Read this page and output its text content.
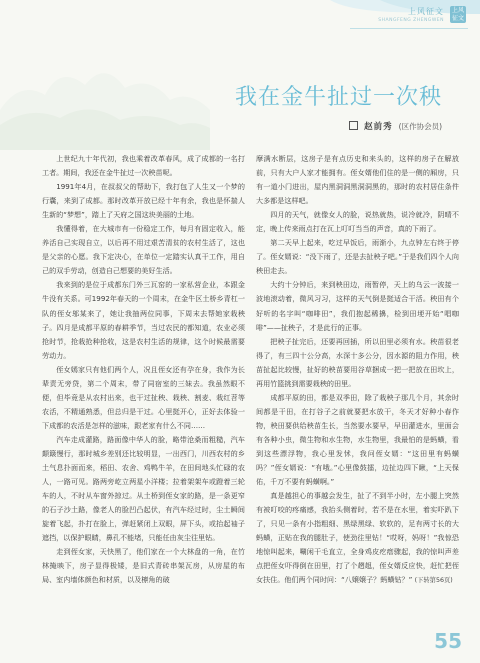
上风征文
SHANGFENG ZHENGWEN
上风征文
我在金牛扯过一次秧
赵前秀 (区作协会员)

上世纪九十年代初，我也乘着改革春风，成了成都的一名打工者。期间，我还在金牛扯过一次秧苗呢。

1991年4月，在叔叔父的帮助下，我打包了人生又一个梦的行囊，来到了成都。那时改革开放已经十年有余，我也是怀揣人生新的“梦想”，踏上了天府之国这块美丽的土地。

我懂得着，在大城市有一份稳定工作，每月有固定收入，能养活自己实现自立，以后再不用过艰苦清贫的农村生活了，这也是父亲的心愿。我下定决心，在单位一定踏实认真干工作，用自己的双手劳动，创造自己想要的美好生活。

我来到的是位于成都东门外三瓦窑的一家私营企业，本跟金牛没有关系。可1992年春天的一个周末，在金牛区土桥乡青杠一队的侄女邬某来了，她让我抽两位同事，下周末去帮她家栽秧子。四月是成都平原的春耕季节，当过农民的都知道，农业必须抢时节，抢栽抢种抢收，这是农村生活的规律，这个时候最需要劳动力。

侄女嫣家只有他们两个人，况且侄女还有孕在身，我作为长辈责无旁贷，第二个周末，带了同宿室的三妹去。我虽然眼不便，但毕竟是从农村出来，也干过扯秧、栽秧、割麦、栽红苕等农活，不精通熟悉，但总归是干过。心里挺开心，正好去体验一下成都的农活是怎样的滋味，跟老家有什么不同……

汽车走成灌路，路面像中华人的脸，略带沧桑而粗糙，汽车颠簸慢行，那时城乡差别还比较明显，一出西门，川西农村的乡土气息扑面而来，稻田、农舍、鸡鸭牛羊，在田间地头忙碌的农人，一路可见。路两旁屹立两星小洋楼；拉着架架车或蹬着三轮车的人，不时从车窗外掠过。从土桥到侄女家的路，是一条更窄的石子沙土路，像老人的脸凹凸起伏，有汽车经过时，尘土瞬间旋着飞起，扑打在脸上，弹赶紧闭上双眼，屏下头，或抬起袖子遮挡，以保护眼睛，鼻孔不能堵，只能任由灰尘往里钻。

走到侄女家，天快黑了，他们家在一个大林盘的一角，在竹林掩映下，房子显得极矮，是旧式青砖串架瓦房，从房屋的布局、室内墙体颜色和材质，以及檩角的破

摩满水断层，这房子是有点历史和来头的，这样的房子在解放前，只有大户人家才能拥有。侄女婿他们住的是一侧的厢房，只有一道小门进出，屋内黑洞洞黑洞洞黑的，那时的农村居住条件大多都是这样吧。

四月的天气，就像女人的脸，说热就热，说冷就冷，阴晴不定，晚上传来雨点打在瓦上叮叮当当的声音，真的下雨了。

第二天早上起来，吃过早饭后，雨渐小，九点钟左右终于停了。侄女婿说：“没下雨了，还是去扯秧子吧。”于是我们四个人向秧田走去。

大约十分钟后，来到秧田边，雨暂停，天上的乌云一波接一波地滚动着，微风习习，这样的天气倒是挺适合干活。秧田有个好听的名字叫“咖啡田”，我们抱起稀擤，检到田埂开始“唱咖啡”——扯秧子，才是此行的正事。

把秧子扯完后，还要再回插，所以田里必须有水。秧苗很老得了，有三四十公分高，水深十多公分，因水源的阻力作用，秧苗扯起比较慢，扯好的秧苗要用谷草捆成一把一把放在田坎上，再用竹篮挑到需要栽秧的田里。

成都平原的田，都是双季田，除了栽秧子那几个月，其余时间都是干田，在打谷子之前就要把水放干，冬天才好种小春作物，秧田要供给秧苗生长，当然要水要早，早田灌进水，里面会有各种小虫，微生物和水生物，水生物里，我最怕的是蚂蟥，看到这些漂浮物，我心里发怵，我问侄女婿：“这田里有蚂蟥吗？”侄女婿说：“有哦。”心里像鼓擂，边扯边四下瞅，“上天保佑，千万不要有蚂蟥啊。”

真是越担心的事越会发生，扯了不到半小时，左小腿上突然有被叮咬的疼痛感，我抬头侧着时，若不是在水里，着实吓趴下了，只见一条有小指粗细、黑绿黑绿、软软的，足有两寸长的大蚂蟥，正贴在我的腿肚子，使劲往里钻！“哎呀，妈呀！”我惊恐地惊叫起来，唰闲干毛直立，全身鸡皮疙瘩骤起，我的惊叫声差点把侄女吓得倒在田里，打了个趔趄，侄女婿反应快，赶忙把侄女扶住。他们两个同时问：“八嬢嬢子？蚂蟥钻？” (下转第56页)

55
